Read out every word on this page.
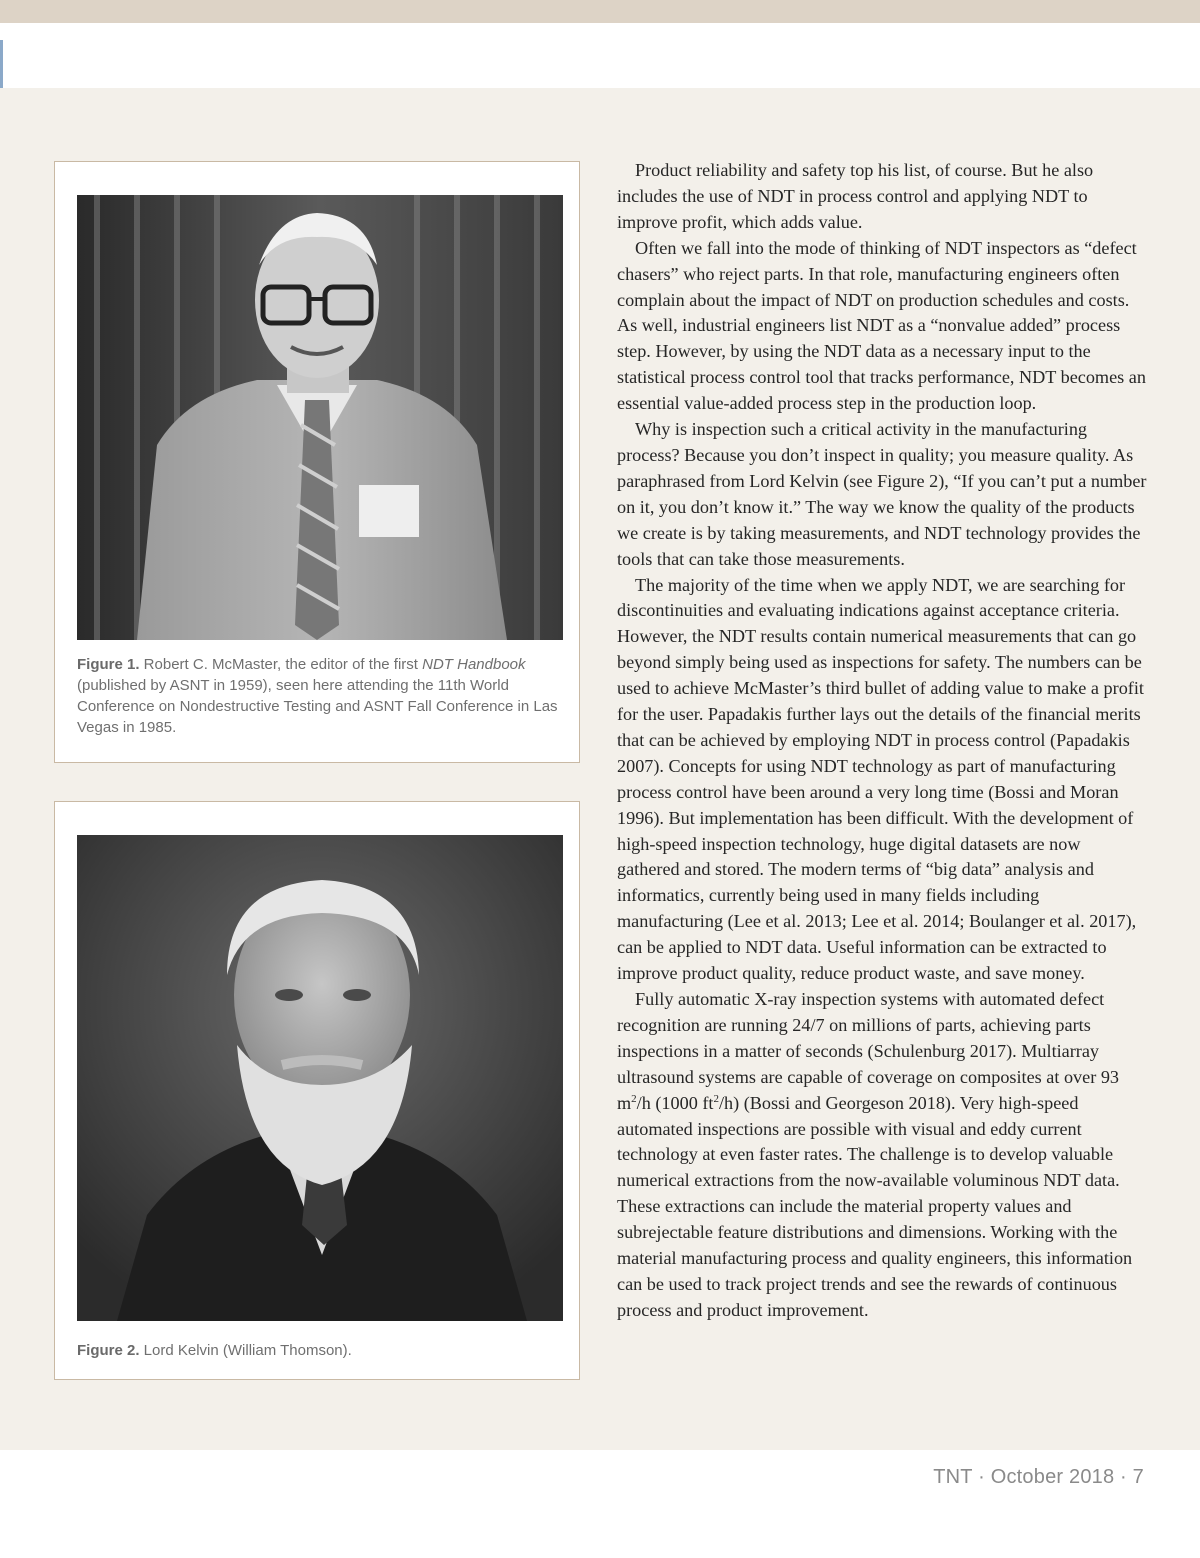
Figure 1. Robert C. McMaster, the editor of the first NDT Handbook (published by ASNT in 1959), seen here attending the 11th World Conference on Nondestructive Testing and ASNT Fall Conference in Las Vegas in 1985.
Figure 2. Lord Kelvin (William Thomson).

Product reliability and safety top his list, of course. But he also includes the use of NDT in process control and applying NDT to improve profit, which adds value.

Often we fall into the mode of thinking of NDT inspectors as “defect chasers” who reject parts. In that role, manufacturing engineers often complain about the impact of NDT on production schedules and costs. As well, industrial engineers list NDT as a “nonvalue added” process step. However, by using the NDT data as a necessary input to the statistical process control tool that tracks performance, NDT becomes an essential value-added process step in the production loop.

Why is inspection such a critical activity in the manufacturing process? Because you don’t inspect in quality; you measure quality. As paraphrased from Lord Kelvin (see Figure 2), “If you can’t put a number on it, you don’t know it.” The way we know the quality of the products we create is by taking measurements, and NDT technology provides the tools that can take those measurements.

The majority of the time when we apply NDT, we are searching for discontinuities and evaluating indications against acceptance criteria. However, the NDT results contain numerical measurements that can go beyond simply being used as inspections for safety. The numbers can be used to achieve McMaster’s third bullet of adding value to make a profit for the user. Papadakis further lays out the details of the financial merits that can be achieved by employing NDT in process control (Papadakis 2007). Concepts for using NDT technology as part of manufacturing process control have been around a very long time (Bossi and Moran 1996). But implementation has been difficult. With the development of high-speed inspection technology, huge digital datasets are now gathered and stored. The modern terms of “big data” analysis and informatics, currently being used in many fields including manufacturing (Lee et al. 2013; Lee et al. 2014; Boulanger et al. 2017), can be applied to NDT data. Useful information can be extracted to improve product quality, reduce product waste, and save money.

Fully automatic X-ray inspection systems with automated defect recognition are running 24/7 on millions of parts, achieving parts inspections in a matter of seconds (Schulenburg 2017). Multiarray ultrasound systems are capable of coverage on composites at over 93 $m^2/h$ (1000 $ft^2/h$) (Bossi and Georgeson 2018). Very high-speed automated inspections are possible with visual and eddy current technology at even faster rates. The challenge is to develop valuable numerical extractions from the now-available voluminous NDT data. These extractions can include the material property values and subrejectable feature distributions and dimensions. Working with the material manufacturing process and quality engineers, this information can be used to track project trends and see the rewards of continuous process and product improvement.

TNT · October 2018 · 7
